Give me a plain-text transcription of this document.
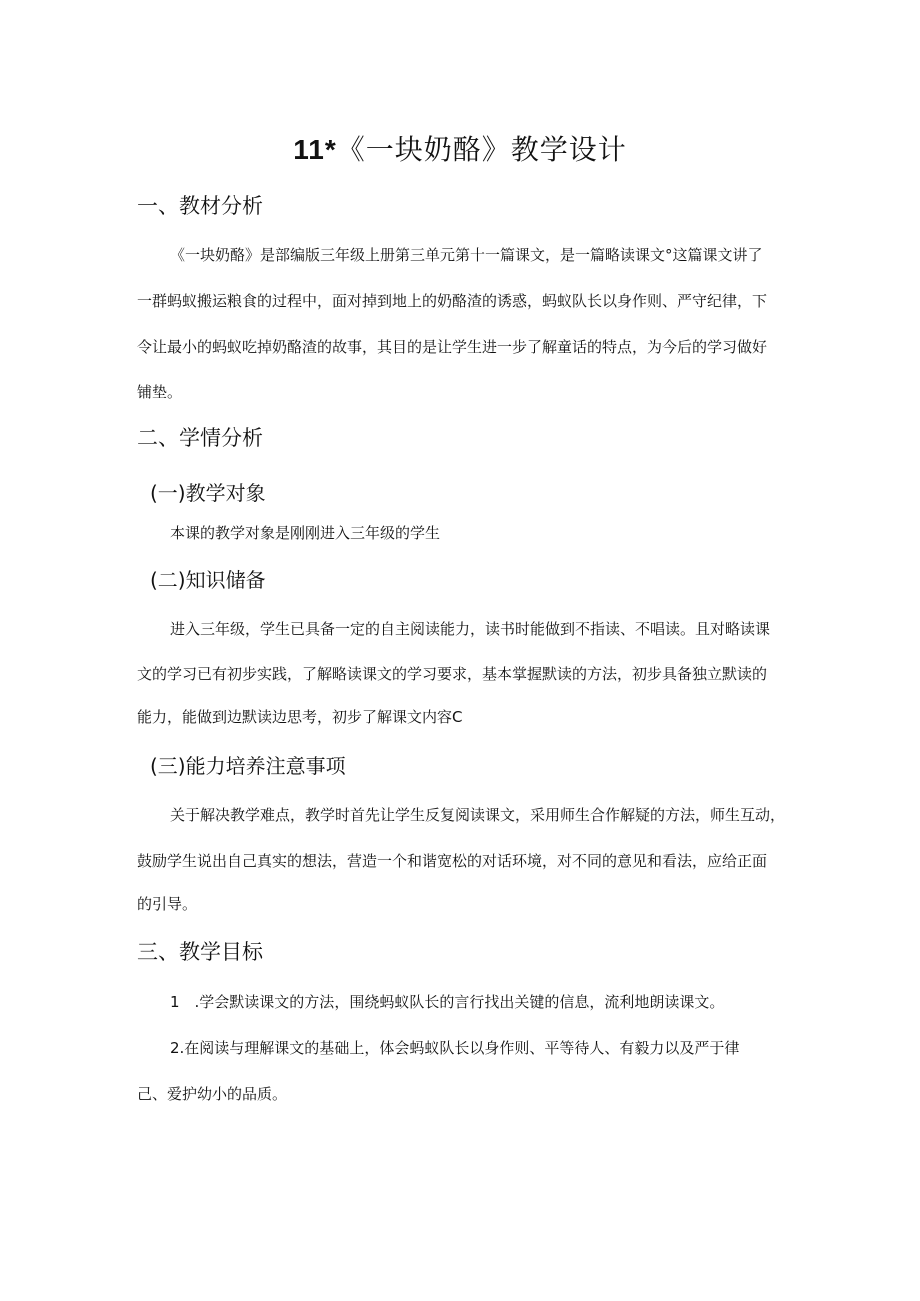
11*《一块奶酪》教学设计
一、教材分析
《一块奶酪》是部编版三年级上册第三单元第十一篇课文，是一篇略读课文°这篇课文讲了
一群蚂蚁搬运粮食的过程中，面对掉到地上的奶酪渣的诱惑，蚂蚁队长以身作则、严守纪律，下
令让最小的蚂蚁吃掉奶酪渣的故事，其目的是让学生进一步了解童话的特点，为今后的学习做好
铺垫。
二、学情分析
(一)教学对象
本课的教学对象是刚刚进入三年级的学生
(二)知识储备
进入三年级，学生已具备一定的自主阅读能力，读书时能做到不指读、不唱读。且对略读课
文的学习已有初步实践，了解略读课文的学习要求，基本掌握默读的方法，初步具备独立默读的
能力，能做到边默读边思考，初步了解课文内容C
(三)能力培养注意事项
关于解决教学难点，教学时首先让学生反复阅读课文，采用师生合作解疑的方法，师生互动，
鼓励学生说出自己真实的想法，营造一个和谐宽松的对话环境，对不同的意见和看法，应给正面
的引导。
三、教学目标
1　.学会默读课文的方法，围绕蚂蚁队长的言行找出关键的信息，流利地朗读课文。
2.在阅读与理解课文的基础上，体会蚂蚁队长以身作则、平等待人、有毅力以及严于律
己、爱护幼小的品质。
